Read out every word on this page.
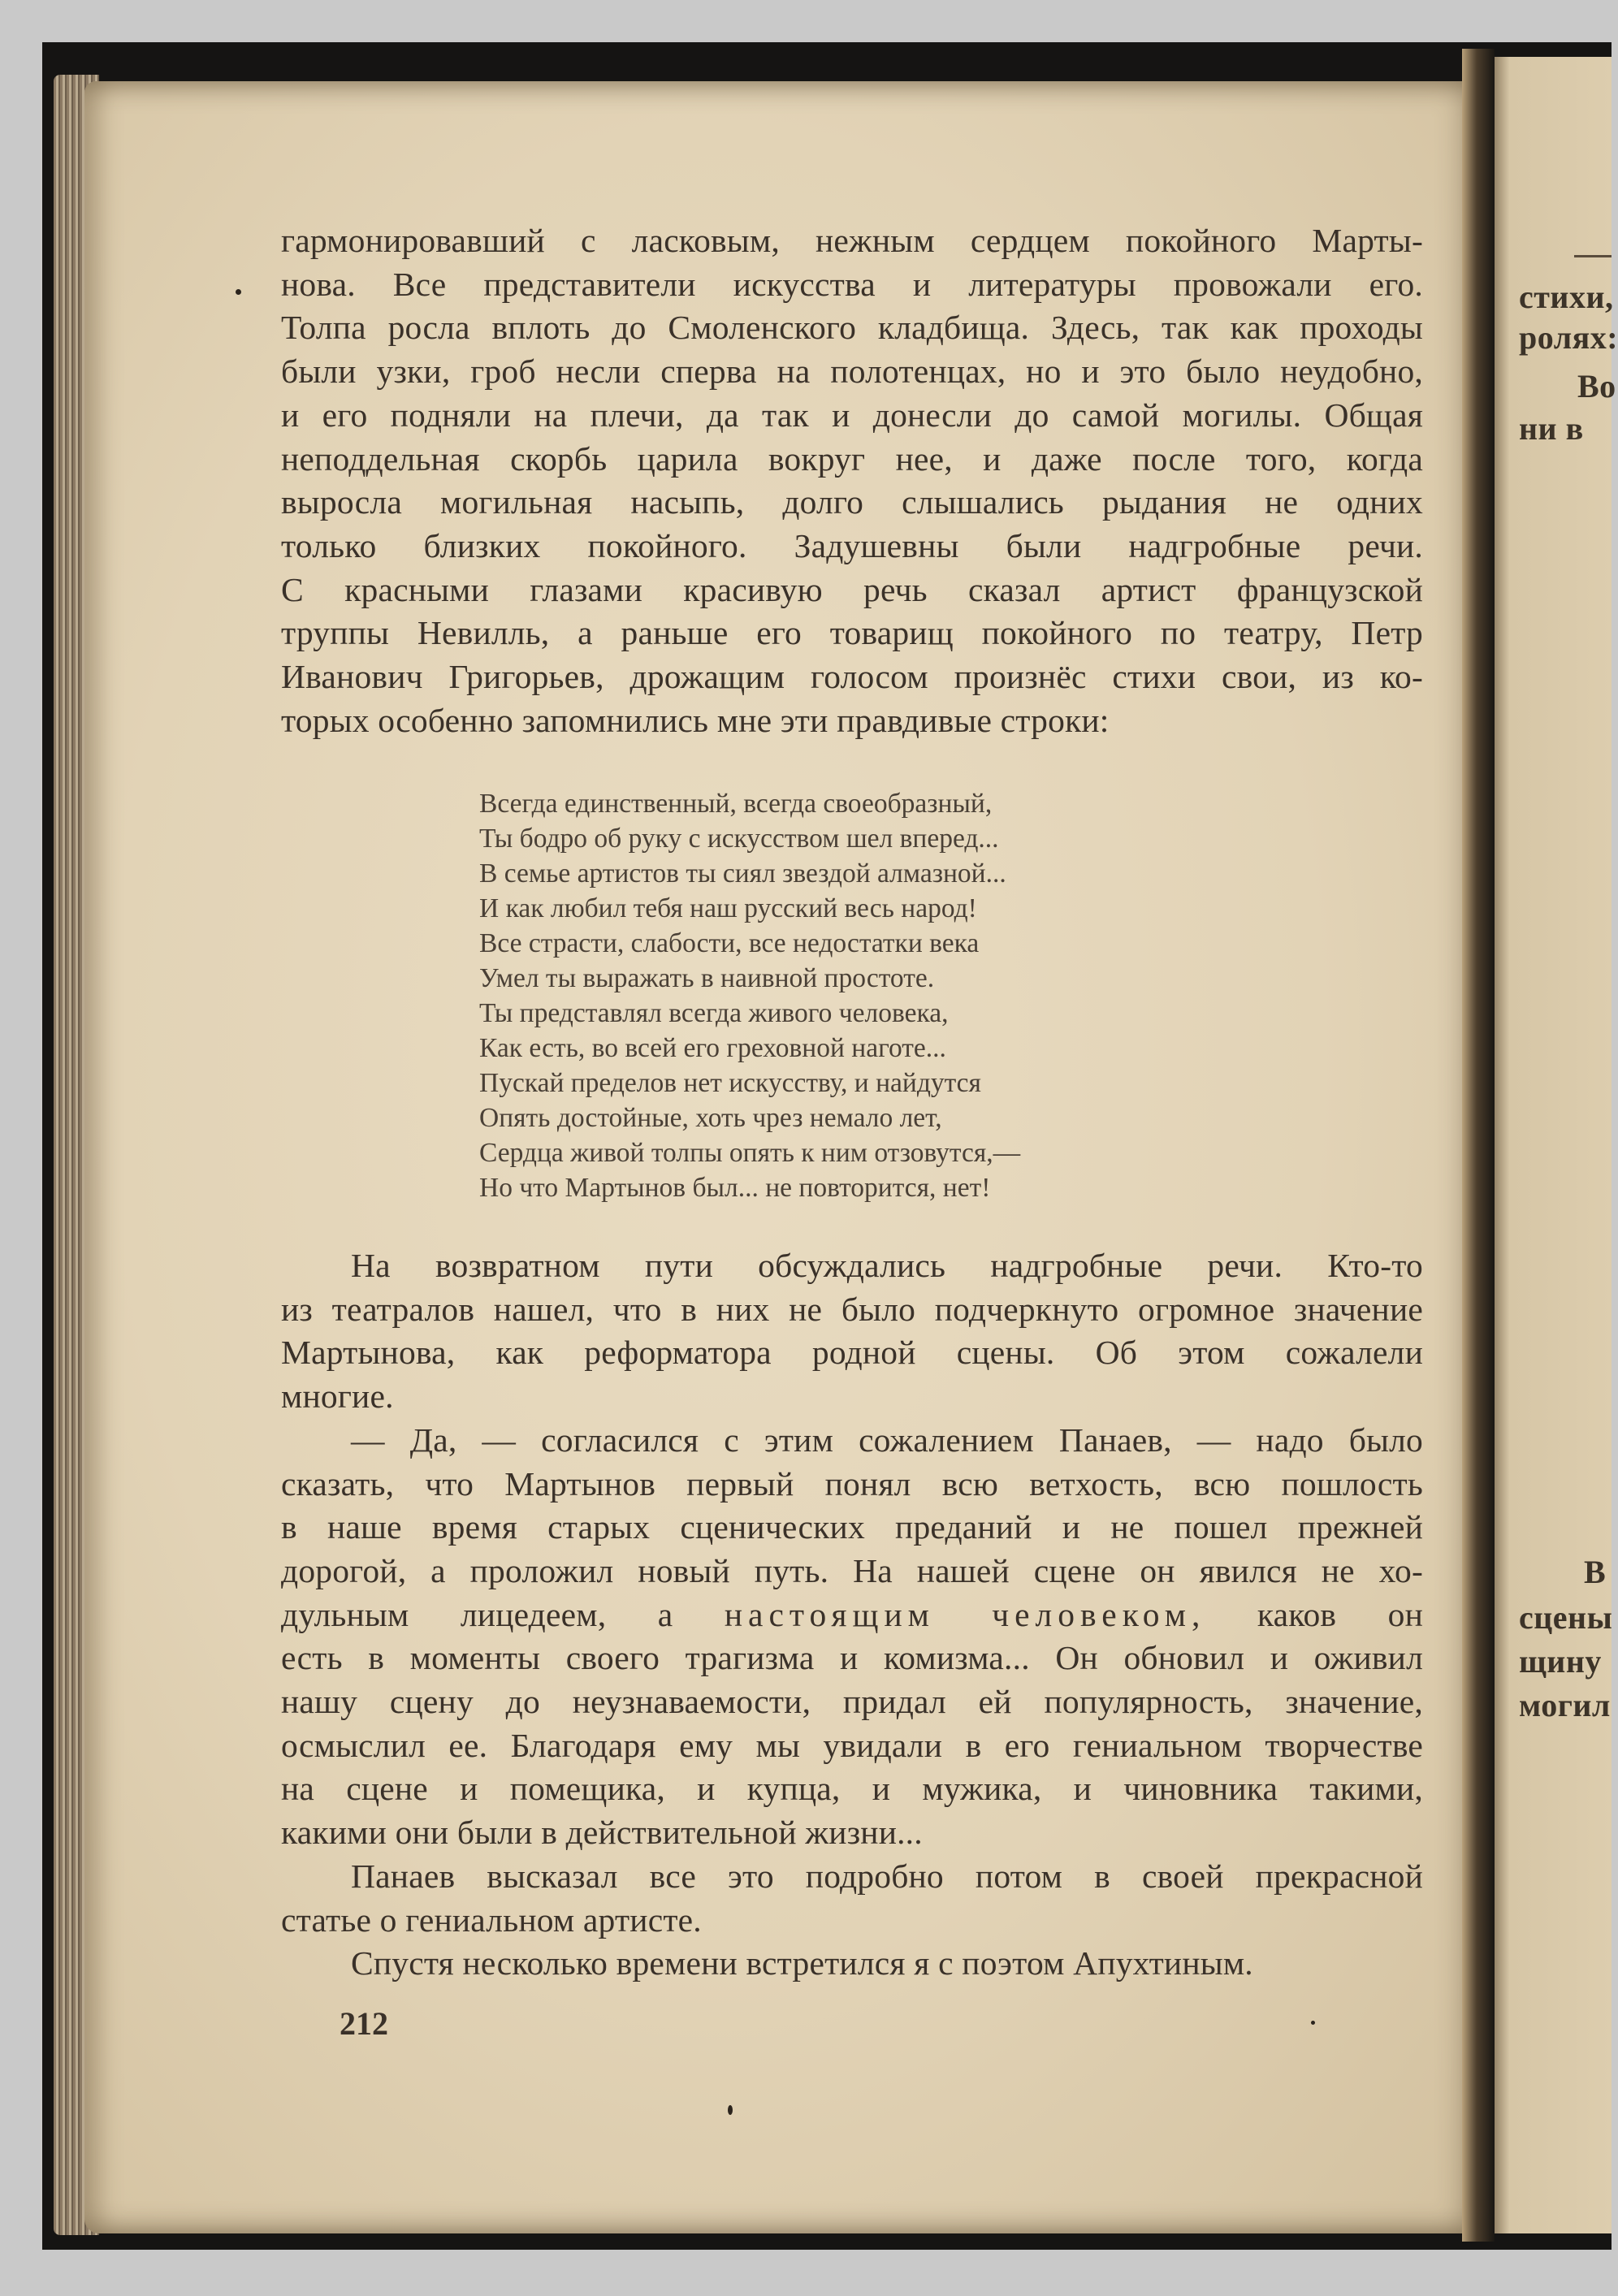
стихи,
ролях:
Во
ни в
В
сцены
щину
могил

гармонировавший с ласковым, нежным сердцем покойного Марты-

нова. Все представители искусства и литературы провожали его.

Толпа росла вплоть до Смоленского кладбища. Здесь, так как проходы

были узки, гроб несли сперва на полотенцах, но и это было неудобно,

и его подняли на плечи, да так и донесли до самой могилы. Общая

неподдельная скорбь царила вокруг нее, и даже после того, когда

выросла могильная насыпь, долго слышались рыдания не одних

только близких покойного. Задушевны были надгробные речи.

С красными глазами красивую речь сказал артист французской

труппы Невилль, а раньше его товарищ покойного по театру, Петр

Иванович Григорьев, дрожащим голосом произнёс стихи свои, из ко-

торых особенно запомнились мне эти правдивые строки:

Всегда единственный, всегда своеобразный,
Ты бодро об руку с искусством шел вперед...
В семье артистов ты сиял звездой алмазной...
И как любил тебя наш русский весь народ!
Все страсти, слабости, все недостатки века
Умел ты выражать в наивной простоте.
Ты представлял всегда живого человека,
Как есть, во всей его греховной наготе...
Пускай пределов нет искусству, и найдутся
Опять достойные, хоть чрез немало лет,
Сердца живой толпы опять к ним отзовутся,—
Но что Мартынов был... не повторится, нет!

На возвратном пути обсуждались надгробные речи. Кто-то

из театралов нашел, что в них не было подчеркнуто огромное значение

Мартынова, как реформатора родной сцены. Об этом сожалели

многие.

— Да, — согласился с этим сожалением Панаев, — надо было

сказать, что Мартынов первый понял всю ветхость, всю пошлость

в наше время старых сценических преданий и не пошел прежней

дорогой, а проложил новый путь. На нашей сцене он явился не хо-

дульным лицедеем, а настоящим человеком, каков он

есть в моменты своего трагизма и комизма... Он обновил и оживил

нашу сцену до неузнаваемости, придал ей популярность, значение,

осмыслил ее. Благодаря ему мы увидали в его гениальном творчестве

на сцене и помещика, и купца, и мужика, и чиновника такими,

какими они были в действительной жизни...

Панаев высказал все это подробно потом в своей прекрасной

статье о гениальном артисте.

Спустя несколько времени встретился я с поэтом Апухтиным.

212
